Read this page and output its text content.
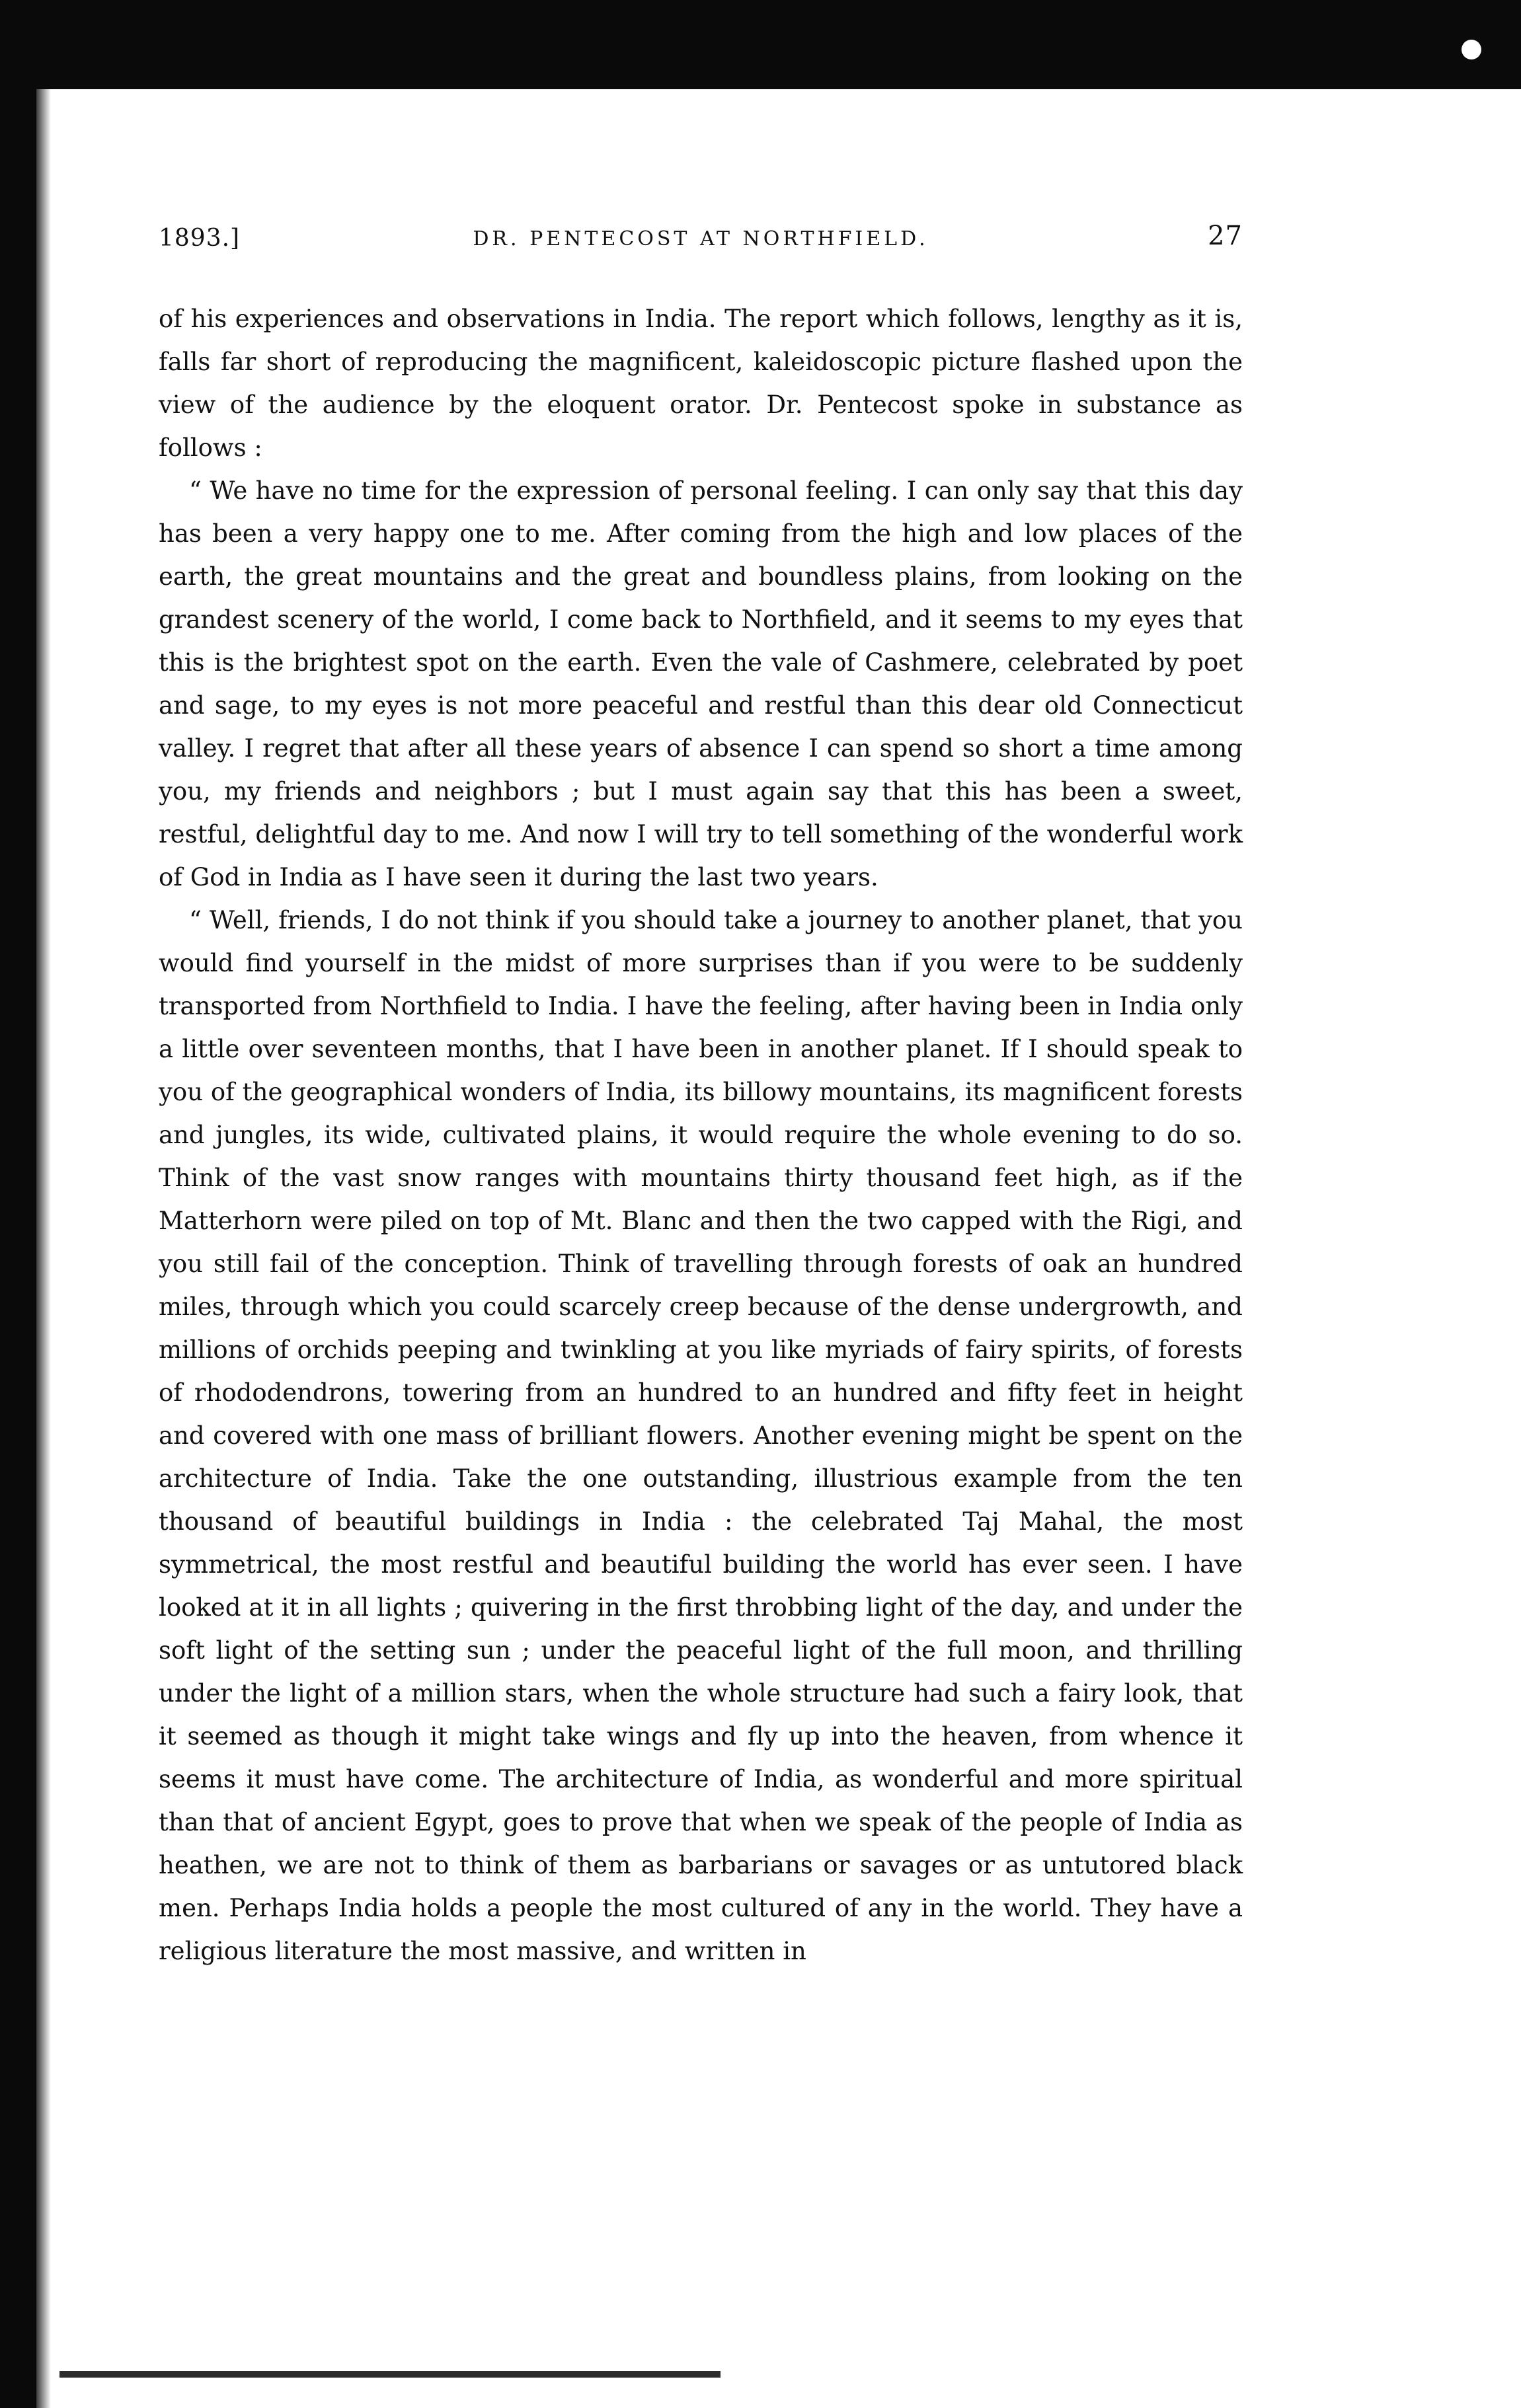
1893.]	DR. PENTECOST AT NORTHFIELD.	27

of his experiences and observations in India. The report which follows, lengthy as it is, falls far short of reproducing the magnificent, kaleidoscopic picture flashed upon the view of the audience by the eloquent orator. Dr. Pentecost spoke in substance as follows :

“ We have no time for the expression of personal feeling. I can only say that this day has been a very happy one to me. After coming from the high and low places of the earth, the great mountains and the great and boundless plains, from looking on the grandest scenery of the world, I come back to Northfield, and it seems to my eyes that this is the brightest spot on the earth. Even the vale of Cashmere, celebrated by poet and sage, to my eyes is not more peaceful and restful than this dear old Connecticut valley. I regret that after all these years of absence I can spend so short a time among you, my friends and neighbors ; but I must again say that this has been a sweet, restful, delightful day to me. And now I will try to tell something of the wonderful work of God in India as I have seen it during the last two years.

“ Well, friends, I do not think if you should take a journey to another planet, that you would find yourself in the midst of more surprises than if you were to be suddenly transported from Northfield to India. I have the feeling, after having been in India only a little over seventeen months, that I have been in another planet. If I should speak to you of the geographical wonders of India, its billowy mountains, its magnificent forests and jungles, its wide, cultivated plains, it would require the whole evening to do so. Think of the vast snow ranges with mountains thirty thousand feet high, as if the Matterhorn were piled on top of Mt. Blanc and then the two capped with the Rigi, and you still fail of the conception. Think of travelling through forests of oak an hundred miles, through which you could scarcely creep because of the dense undergrowth, and millions of orchids peeping and twinkling at you like myriads of fairy spirits, of forests of rhododendrons, towering from an hundred to an hundred and fifty feet in height and covered with one mass of brilliant flowers. Another evening might be spent on the architecture of India. Take the one outstanding, illustrious example from the ten thousand of beautiful buildings in India : the celebrated Taj Mahal, the most symmetrical, the most restful and beautiful building the world has ever seen. I have looked at it in all lights ; quivering in the first throbbing light of the day, and under the soft light of the setting sun ; under the peaceful light of the full moon, and thrilling under the light of a million stars, when the whole structure had such a fairy look, that it seemed as though it might take wings and fly up into the heaven, from whence it seems it must have come. The architecture of India, as wonderful and more spiritual than that of ancient Egypt, goes to prove that when we speak of the people of India as heathen, we are not to think of them as barbarians or savages or as untutored black men. Perhaps India holds a people the most cultured of any in the world. They have a religious literature the most massive, and written in
